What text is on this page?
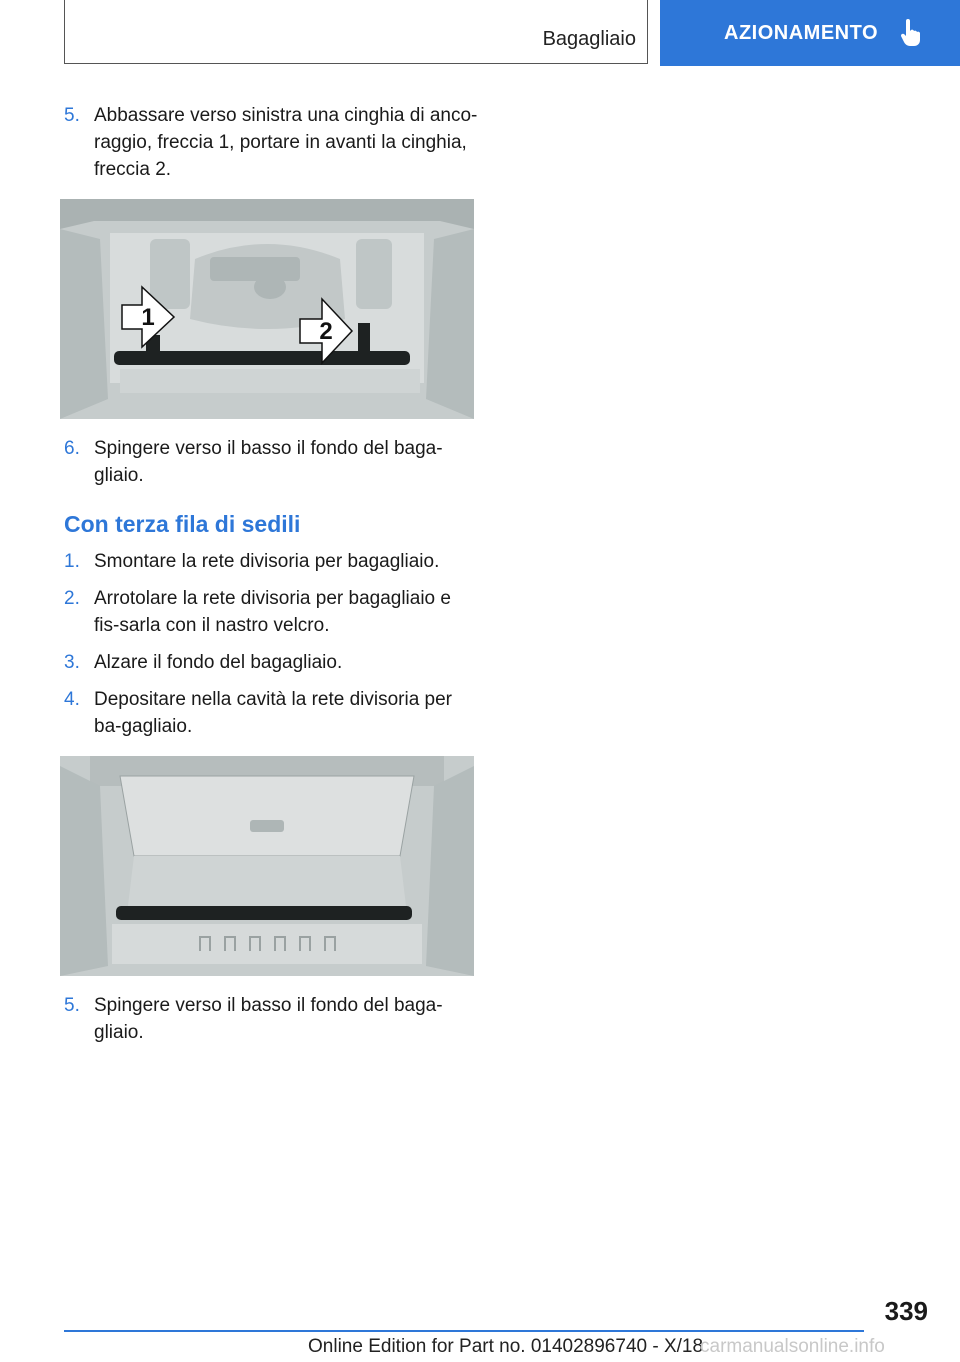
Bagagliaio	AZIONAMENTO
5. Abbassare verso sinistra una cinghia di anco-raggio, freccia 1, portare in avanti la cinghia, freccia 2.
1
2
6. Spingere verso il basso il fondo del baga-gliaio.
Con terza fila di sedili
1. Smontare la rete divisoria per bagagliaio.
2. Arrotolare la rete divisoria per bagagliaio e fis-sarla con il nastro velcro.
3. Alzare il fondo del bagagliaio.
4. Depositare nella cavità la rete divisoria per ba-gagliaio.
5. Spingere verso il basso il fondo del baga-gliaio.
339
Online Edition for Part no. 01402896740 - X/18
carmanualsonline.info
